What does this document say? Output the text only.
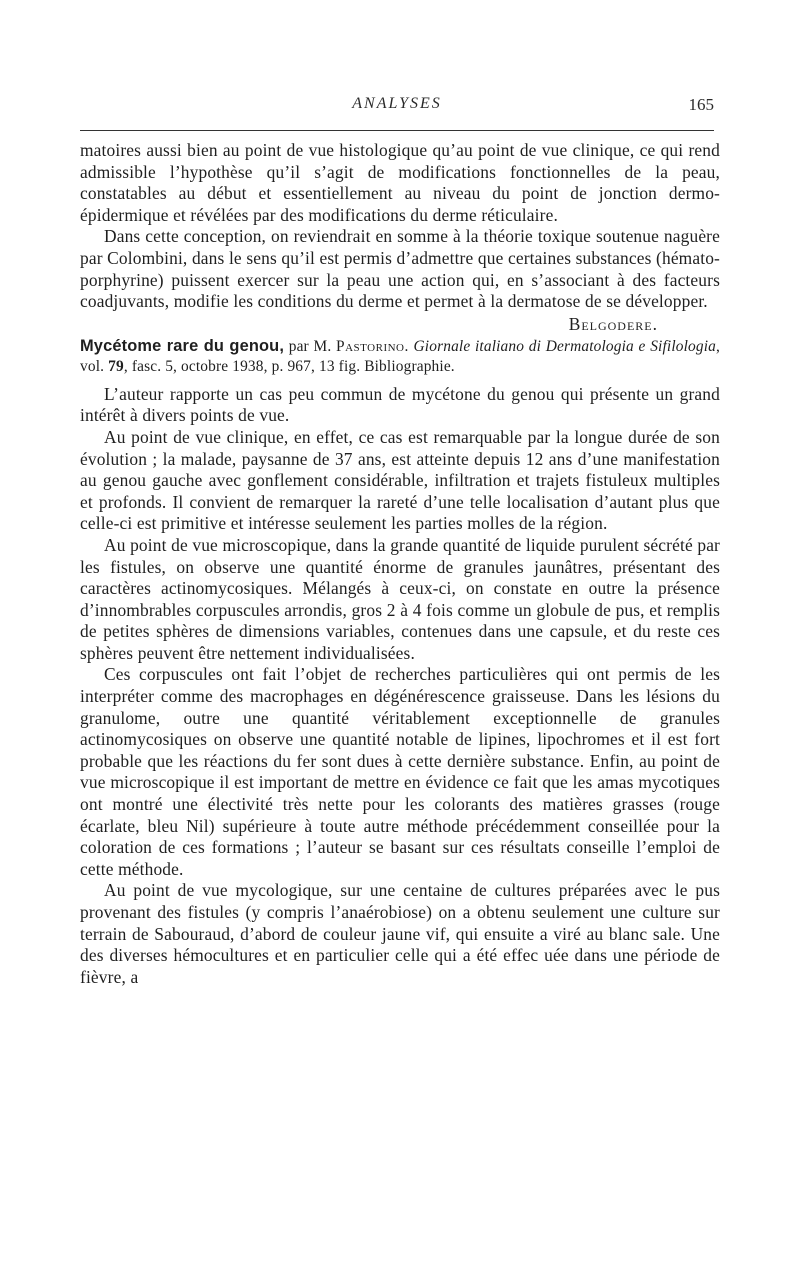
ANALYSES	165

matoires aussi bien au point de vue histologique qu’au point de vue clinique, ce qui rend admissible l’hypothèse qu’il s’agit de modifications fonctionnelles de la peau, constatables au début et essentiellement au niveau du point de jonction dermo-épidermique et révélées par des modifications du derme réticulaire.

Dans cette conception, on reviendrait en somme à la théorie toxique soutenue naguère par Colombini, dans le sens qu’il est permis d’admettre que certaines substances (hémato-porphyrine) puissent exercer sur la peau une action qui, en s’associant à des facteurs coadjuvants, modifie les conditions du derme et permet à la dermatose de se développer.

Belgodere.

Mycétome rare du genou, par M. Pastorino. Giornale italiano di Dermatologia e Sifilologia, vol. 79, fasc. 5, octobre 1938, p. 967, 13 fig. Bibliographie.

L’auteur rapporte un cas peu commun de mycétone du genou qui présente un grand intérêt à divers points de vue.

Au point de vue clinique, en effet, ce cas est remarquable par la longue durée de son évolution ; la malade, paysanne de 37 ans, est atteinte depuis 12 ans d’une manifestation au genou gauche avec gonflement considérable, infiltration et trajets fistuleux multiples et profonds. Il convient de remarquer la rareté d’une telle localisation d’autant plus que celle-ci est primitive et intéresse seulement les parties molles de la région.

Au point de vue microscopique, dans la grande quantité de liquide purulent sécrété par les fistules, on observe une quantité énorme de granules jaunâtres, présentant des caractères actinomycosiques. Mélangés à ceux-ci, on constate en outre la présence d’innombrables corpuscules arrondis, gros 2 à 4 fois comme un globule de pus, et remplis de petites sphères de dimensions variables, contenues dans une capsule, et du reste ces sphères peuvent être nettement individualisées.

Ces corpuscules ont fait l’objet de recherches particulières qui ont permis de les interpréter comme des macrophages en dégénérescence graisseuse. Dans les lésions du granulome, outre une quantité véritablement exceptionnelle de granules actinomycosiques on observe une quantité notable de lipines, lipochromes et il est fort probable que les réactions du fer sont dues à cette dernière substance. Enfin, au point de vue microscopique il est important de mettre en évidence ce fait que les amas mycotiques ont montré une électivité très nette pour les colorants des matières grasses (rouge écarlate, bleu Nil) supérieure à toute autre méthode précédemment conseillée pour la coloration de ces formations ; l’auteur se basant sur ces résultats conseille l’emploi de cette méthode.

Au point de vue mycologique, sur une centaine de cultures préparées avec le pus provenant des fistules (y compris l’anaérobiose) on a obtenu seulement une culture sur terrain de Sabouraud, d’abord de couleur jaune vif, qui ensuite a viré au blanc sale. Une des diverses hémocultures et en particulier celle qui a été effec uée dans une période de fièvre, a
